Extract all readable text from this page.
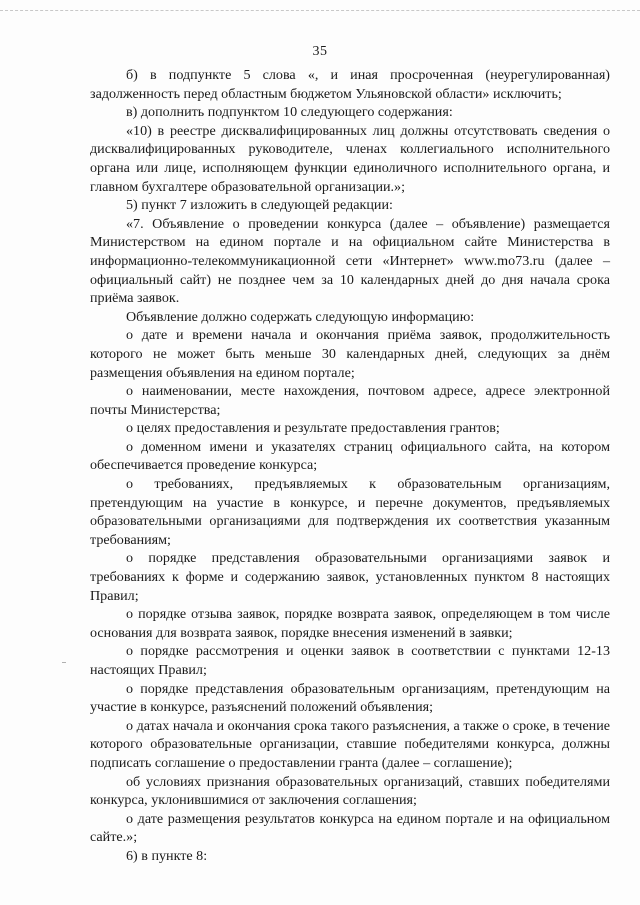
35

б) в подпункте 5 слова «, и иная просроченная (неурегулированная) задолженность перед областным бюджетом Ульяновской области» исключить;

в) дополнить подпунктом 10 следующего содержания:

«10) в реестре дисквалифицированных лиц должны отсутствовать сведения о дисквалифицированных руководителе, членах коллегиального исполнительного органа или лице, исполняющем функции единоличного исполнительного органа, и главном бухгалтере образовательной организации.»;

5) пункт 7 изложить в следующей редакции:

«7. Объявление о проведении конкурса (далее – объявление) размещается Министерством на едином портале и на официальном сайте Министерства в информационно-телекоммуникационной сети «Интернет» www.mo73.ru (далее – официальный сайт) не позднее чем за 10 календарных дней до дня начала срока приёма заявок.

Объявление должно содержать следующую информацию:

о дате и времени начала и окончания приёма заявок, продолжительность которого не может быть меньше 30 календарных дней, следующих за днём размещения объявления на едином портале;

о наименовании, месте нахождения, почтовом адресе, адресе электронной почты Министерства;

о целях предоставления и результате предоставления грантов;

о доменном имени и указателях страниц официального сайта, на котором обеспечивается проведение конкурса;

о требованиях, предъявляемых к образовательным организациям, претендующим на участие в конкурсе, и перечне документов, предъявляемых образовательными организациями для подтверждения их соответствия указанным требованиям;

о порядке представления образовательными организациями заявок и требованиях к форме и содержанию заявок, установленных пунктом 8 настоящих Правил;

о порядке отзыва заявок, порядке возврата заявок, определяющем в том числе основания для возврата заявок, порядке внесения изменений в заявки;

о порядке рассмотрения и оценки заявок в соответствии с пунктами 12-13 настоящих Правил;

о порядке представления образовательным организациям, претендующим на участие в конкурсе, разъяснений положений объявления;

о датах начала и окончания срока такого разъяснения, а также о сроке, в течение которого образовательные организации, ставшие победителями конкурса, должны подписать соглашение о предоставлении гранта (далее – соглашение);

об условиях признания образовательных организаций, ставших победителями конкурса, уклонившимися от заключения соглашения;

о дате размещения результатов конкурса на едином портале и на официальном сайте.»;

6) в пункте 8:
